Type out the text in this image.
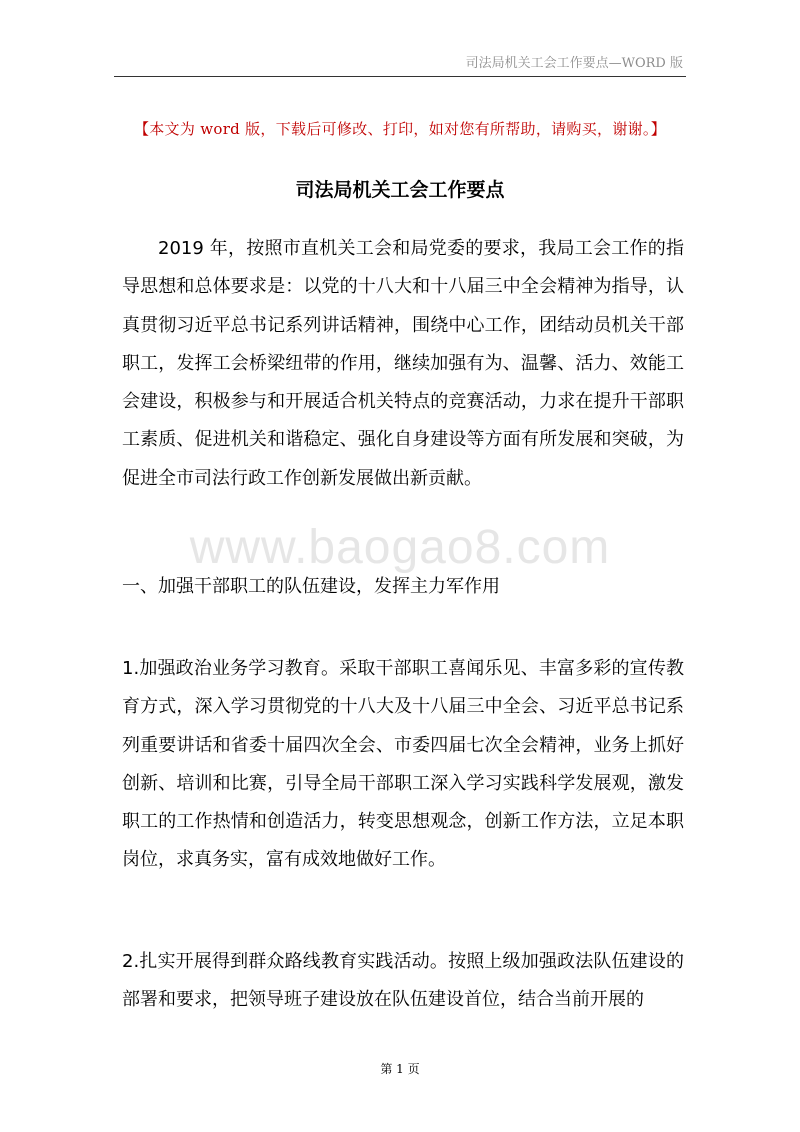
司法局机关工会工作要点—WORD 版
【本文为 word 版，下载后可修改、打印，如对您有所帮助，请购买，谢谢。】
司法局机关工会工作要点
2019 年，按照市直机关工会和局党委的要求，我局工会工作的指导思想和总体要求是：以党的十八大和十八届三中全会精神为指导，认真贯彻习近平总书记系列讲话精神，围绕中心工作，团结动员机关干部职工，发挥工会桥梁纽带的作用，继续加强有为、温馨、活力、效能工会建设，积极参与和开展适合机关特点的竞赛活动，力求在提升干部职工素质、促进机关和谐稳定、强化自身建设等方面有所发展和突破，为促进全市司法行政工作创新发展做出新贡献。
www.baogao8.com
一、加强干部职工的队伍建设，发挥主力军作用
1.加强政治业务学习教育。采取干部职工喜闻乐见、丰富多彩的宣传教育方式，深入学习贯彻党的十八大及十八届三中全会、习近平总书记系列重要讲话和省委十届四次全会、市委四届七次全会精神，业务上抓好创新、培训和比赛，引导全局干部职工深入学习实践科学发展观，激发职工的工作热情和创造活力，转变思想观念，创新工作方法，立足本职岗位，求真务实，富有成效地做好工作。
2.扎实开展得到群众路线教育实践活动。按照上级加强政法队伍建设的部署和要求，把领导班子建设放在队伍建设首位，结合当前开展的
第 1 页
